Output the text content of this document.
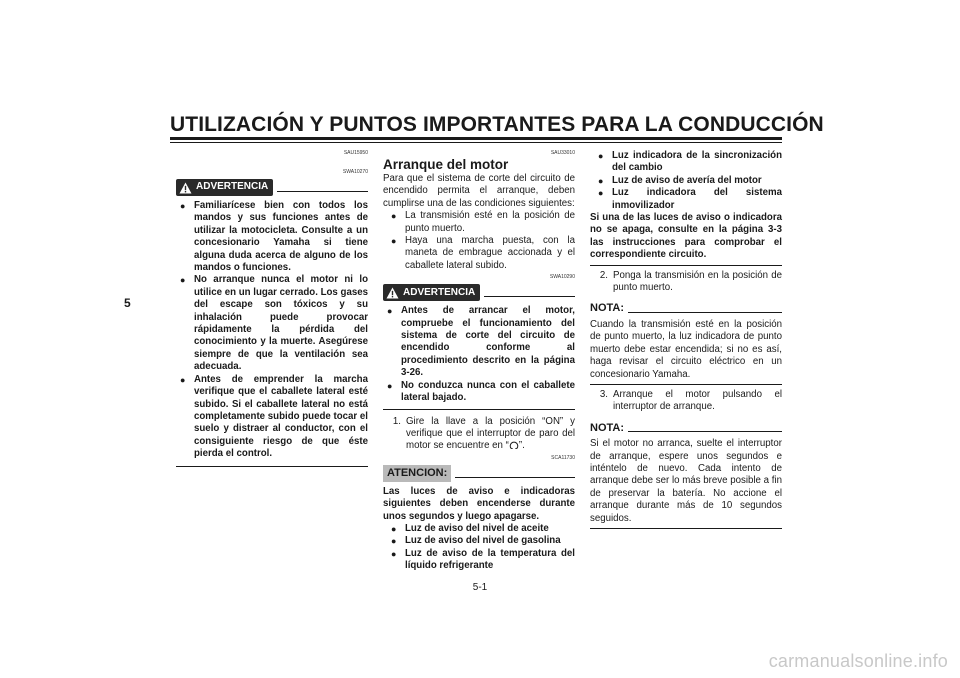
UTILIZACIÓN Y PUNTOS IMPORTANTES PARA LA CONDUCCIÓN
5
SAU15950
SWA10270
ADVERTENCIA
● Familiarícese bien con todos los mandos y sus funciones antes de utilizar la motocicleta. Consulte a un concesionario Yamaha si tiene alguna duda acerca de alguno de los mandos o funciones.
● No arranque nunca el motor ni lo utilice en un lugar cerrado. Los gases del escape son tóxicos y su inhalación puede provocar rápidamente la pérdida del conocimiento y la muerte. Asegúrese siempre de que la ventilación sea adecuada.
● Antes de emprender la marcha verifique que el caballete lateral esté subido. Si el caballete lateral no está completamente subido puede tocar el suelo y distraer al conductor, con el consiguiente riesgo de que éste pierda el control.
SAU33010
Arranque del motor
Para que el sistema de corte del circuito de encendido permita el arranque, deben cumplirse una de las condiciones siguientes:
● La transmisión esté en la posición de punto muerto.
● Haya una marcha puesta, con la maneta de embrague accionada y el caballete lateral subido.
SWA10290
ADVERTENCIA
● Antes de arrancar el motor, compruebe el funcionamiento del sistema de corte del circuito de encendido conforme al procedimiento descrito en la página 3-26.
● No conduzca nunca con el caballete lateral bajado.
1. Gire la llave a la posición “ON” y verifique que el interruptor de paro del motor se encuentre en “ ”.
SCA11730
ATENCION:
Las luces de aviso e indicadoras siguientes deben encenderse durante unos segundos y luego apagarse.
● Luz de aviso del nivel de aceite
● Luz de aviso del nivel de gasolina
● Luz de aviso de la temperatura del líquido refrigerante
● Luz indicadora de la sincronización del cambio
● Luz de aviso de avería del motor
● Luz indicadora del sistema inmovilizador
Si una de las luces de aviso o indicadora no se apaga, consulte en la página 3-3 las instrucciones para comprobar el correspondiente circuito.
2. Ponga la transmisión en la posición de punto muerto.
NOTA:
Cuando la transmisión esté en la posición de punto muerto, la luz indicadora de punto muerto debe estar encendida; si no es así, haga revisar el circuito eléctrico en un concesionario Yamaha.
3. Arranque el motor pulsando el interruptor de arranque.
NOTA:
Si el motor no arranca, suelte el interruptor de arranque, espere unos segundos e inténtelo de nuevo. Cada intento de arranque debe ser lo más breve posible a fin de preservar la batería. No accione el arranque durante más de 10 segundos seguidos.
5-1
carmanualsonline.info
